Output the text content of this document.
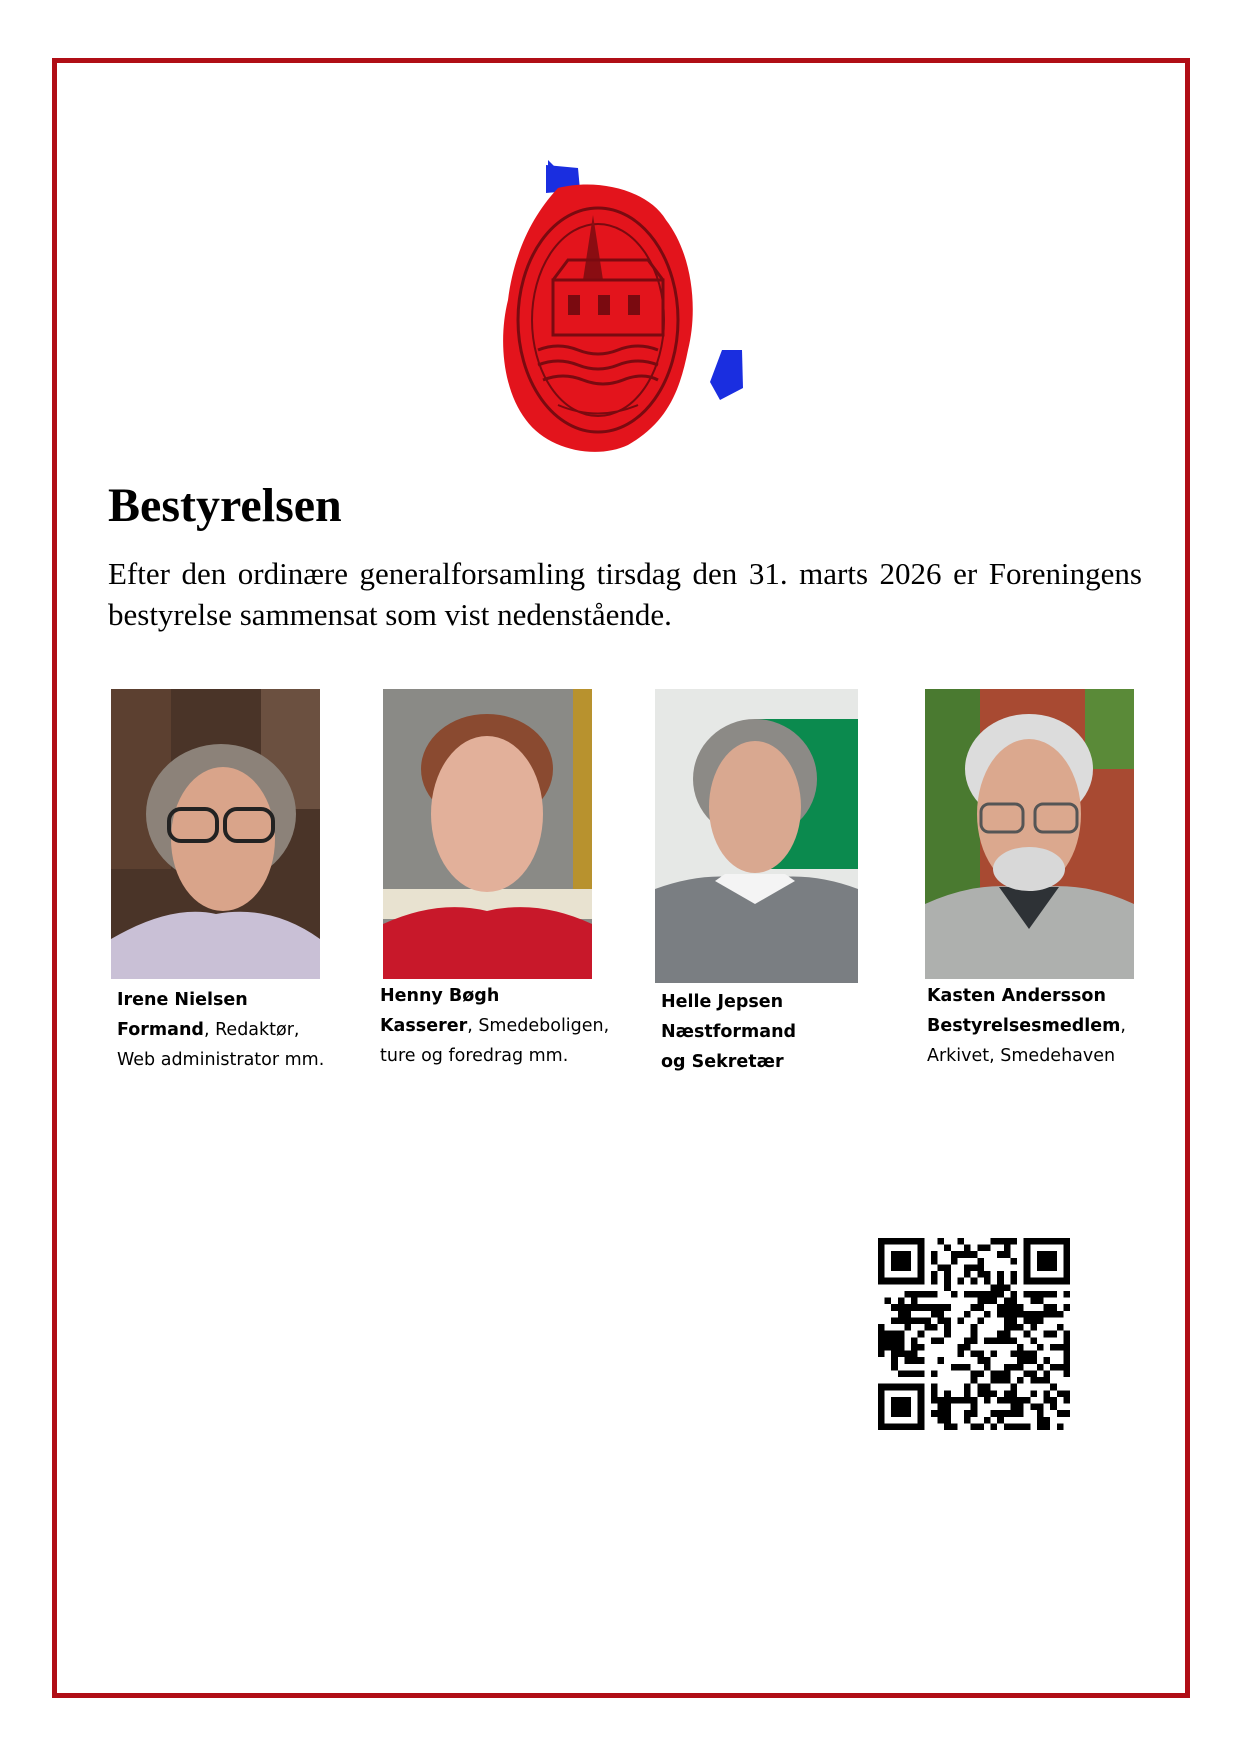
Bestyrelsen

Efter den ordinære generalforsamling tirsdag den 31. marts 2026 er Foreningens bestyrelse sammensat som vist nedenstående.

Irene Nielsen
Formand, Redaktør,
Web administrator mm.
Henny Bøgh
Kasserer, Smedeboligen,
ture og foredrag mm.
Helle Jepsen
Næstformand
og Sekretær
Kasten Andersson
Bestyrelsesmedlem,
Arkivet, Smedehaven
